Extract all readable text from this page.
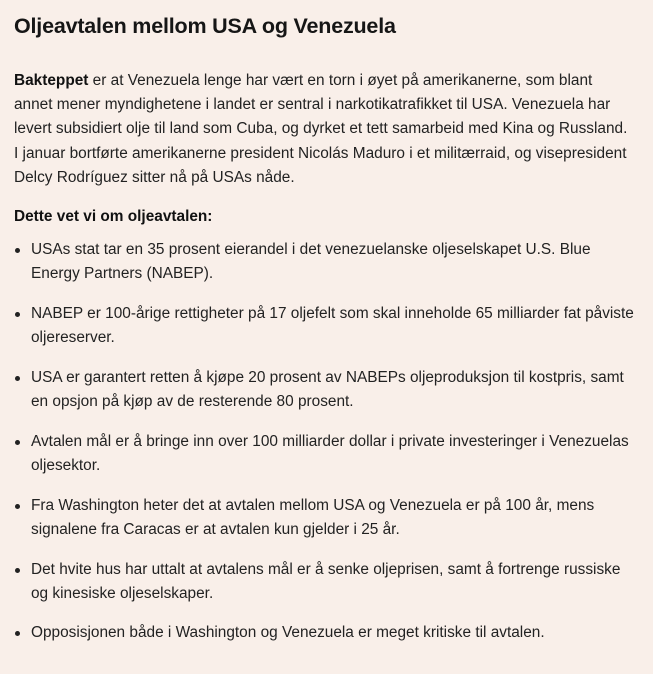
Oljeavtalen mellom USA og Venezuela

Bakteppet er at Venezuela lenge har vært en torn i øyet på amerikanerne, som blant annet mener myndighetene i landet er sentral i narkotikatrafikket til USA. Venezuela har levert subsidiert olje til land som Cuba, og dyrket et tett samarbeid med Kina og Russland. I januar bortførte amerikanerne president Nicolás Maduro i et militærraid, og visepresident Delcy Rodríguez sitter nå på USAs nåde.

Dette vet vi om oljeavtalen:
USAs stat tar en 35 prosent eierandel i det venezuelanske oljeselskapet U.S. Blue Energy Partners (NABEP).
NABEP er 100-årige rettigheter på 17 oljefelt som skal inneholde 65 milliarder fat påviste oljereserver.
USA er garantert retten å kjøpe 20 prosent av NABEPs oljeproduksjon til kostpris, samt en opsjon på kjøp av de resterende 80 prosent.
Avtalen mål er å bringe inn over 100 milliarder dollar i private investeringer i Venezuelas oljesektor.
Fra Washington heter det at avtalen mellom USA og Venezuela er på 100 år, mens signalene fra Caracas er at avtalen kun gjelder i 25 år.
Det hvite hus har uttalt at avtalens mål er å senke oljeprisen, samt å fortrenge russiske og kinesiske oljeselskaper.
Opposisjonen både i Washington og Venezuela er meget kritiske til avtalen.
